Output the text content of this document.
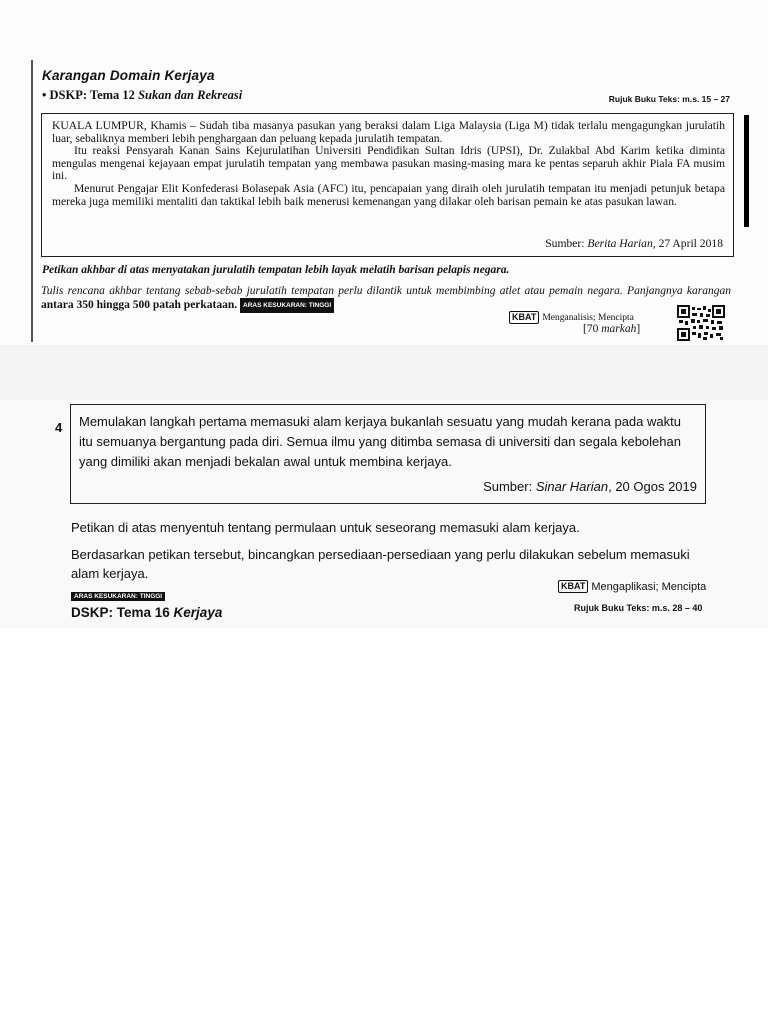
Karangan Domain Kerjaya
• DSKP: Tema 12 Sukan dan Rekreasi	Rujuk Buku Teks: m.s. 15 – 27

KUALA LUMPUR, Khamis – Sudah tiba masanya pasukan yang beraksi dalam Liga Malaysia (Liga M) tidak terlalu mengagungkan jurulatih luar, sebaliknya memberi lebih penghargaan dan peluang kepada jurulatih tempatan.

Itu reaksi Pensyarah Kanan Sains Kejurulatihan Universiti Pendidikan Sultan Idris (UPSI), Dr. Zulakbal Abd Karim ketika diminta mengulas mengenai kejayaan empat jurulatih tempatan yang membawa pasukan masing-masing mara ke pentas separuh akhir Piala FA musim ini.

Menurut Pengajar Elit Konfederasi Bolasepak Asia (AFC) itu, pencapaian yang diraih oleh jurulatih tempatan itu menjadi petunjuk betapa mereka juga memiliki mentaliti dan taktikal lebih baik menerusi kemenangan yang dilakar oleh barisan pemain ke atas pasukan lawan.

Sumber: Berita Harian, 27 April 2018
Petikan akhbar di atas menyatakan jurulatih tempatan lebih layak melatih barisan pelapis negara.
Tulis rencana akhbar tentang sebab-sebab jurulatih tempatan perlu dilantik untuk membimbing atlet atau pemain negara. Panjangnya karangan antara 350 hingga 500 patah perkataan. ARAS KESUKARAN: TINGGI
KBAT Menganalisis; Mencipta
[70 markah]
4 Memulakan langkah pertama memasuki alam kerjaya bukanlah sesuatu yang mudah kerana pada waktu itu semuanya bergantung pada diri. Semua ilmu yang ditimba semasa di universiti dan segala kebolehan yang dimiliki akan menjadi bekalan awal untuk membina kerjaya.
Sumber: Sinar Harian, 20 Ogos 2019
Petikan di atas menyentuh tentang permulaan untuk seseorang memasuki alam kerjaya.
Berdasarkan petikan tersebut, bincangkan persediaan-persediaan yang perlu dilakukan sebelum memasuki alam kerjaya.
ARAS KESUKARAN: TINGGI
KBAT Mengaplikasi; Mencipta
DSKP: Tema 16 Kerjaya	Rujuk Buku Teks: m.s. 28 – 40
